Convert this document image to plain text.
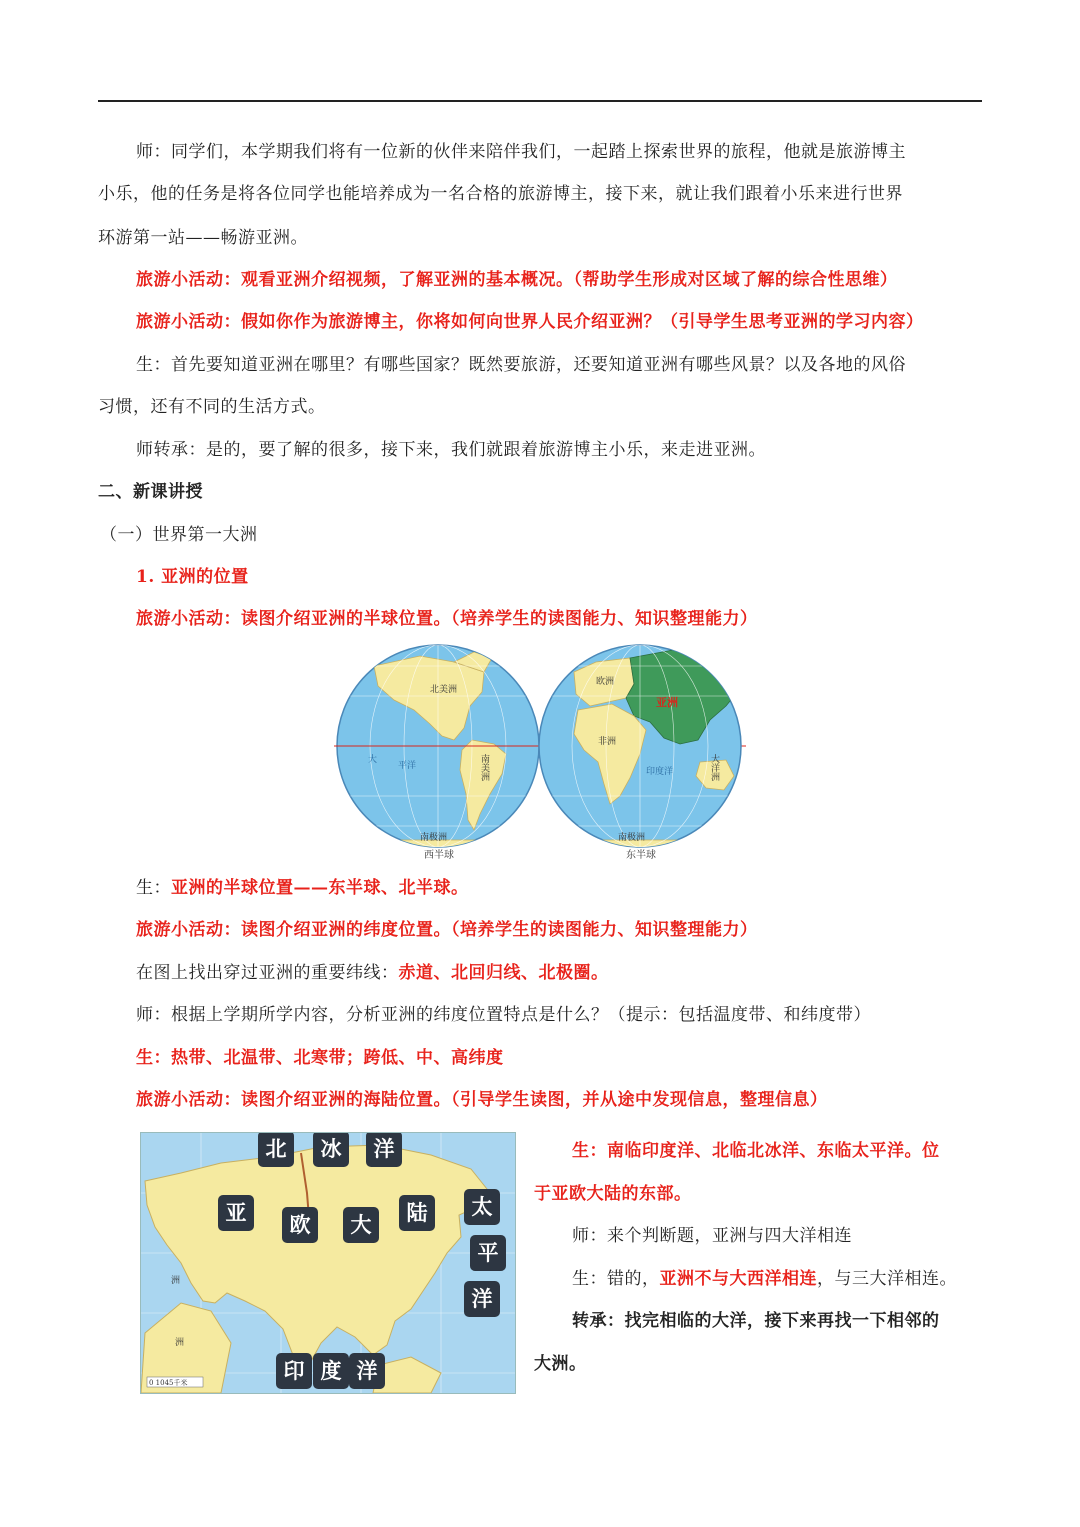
师：同学们，本学期我们将有一位新的伙伴来陪伴我们，一起踏上探索世界的旅程，他就是旅游博主
小乐，他的任务是将各位同学也能培养成为一名合格的旅游博主，接下来，就让我们跟着小乐来进行世界
环游第一站——畅游亚洲。
旅游小活动：观看亚洲介绍视频，了解亚洲的基本概况。（帮助学生形成对区域了解的综合性思维）
旅游小活动：假如你作为旅游博主，你将如何向世界人民介绍亚洲？（引导学生思考亚洲的学习内容）
生：首先要知道亚洲在哪里？有哪些国家？既然要旅游，还要知道亚洲有哪些风景？以及各地的风俗
习惯，还有不同的生活方式。
师转承：是的，要了解的很多，接下来，我们就跟着旅游博主小乐，来走进亚洲。
二、新课讲授
（一）世界第一大洲
1. 亚洲的位置
旅游小活动：读图介绍亚洲的半球位置。（培养学生的读图能力、知识整理能力）
北美洲
南美洲
南极洲
大
平洋
西半球
欧洲
亚洲
非洲
大洋洲
印度洋
南极洲
东半球
生：亚洲的半球位置——东半球、北半球。
旅游小活动：读图介绍亚洲的纬度位置。（培养学生的读图能力、知识整理能力）
在图上找出穿过亚洲的重要纬线：赤道、北回归线、北极圈。
师：根据上学期所学内容，分析亚洲的纬度位置特点是什么？（提示：包括温度带、和纬度带）
生：热带、北温带、北寒带；跨低、中、高纬度
旅游小活动：读图介绍亚洲的海陆位置。（引导学生读图，并从途中发现信息，整理信息）
0 1045千米
洲
洲
北	冰	洋
亚	欧	大	陆	太
平
洋
印 度 洋
生：南临印度洋、北临北冰洋、东临太平洋。位
于亚欧大陆的东部。
师：来个判断题，亚洲与四大洋相连
生：错的，亚洲不与大西洋相连，与三大洋相连。
转承：找完相临的大洋，接下来再找一下相邻的
大洲。
